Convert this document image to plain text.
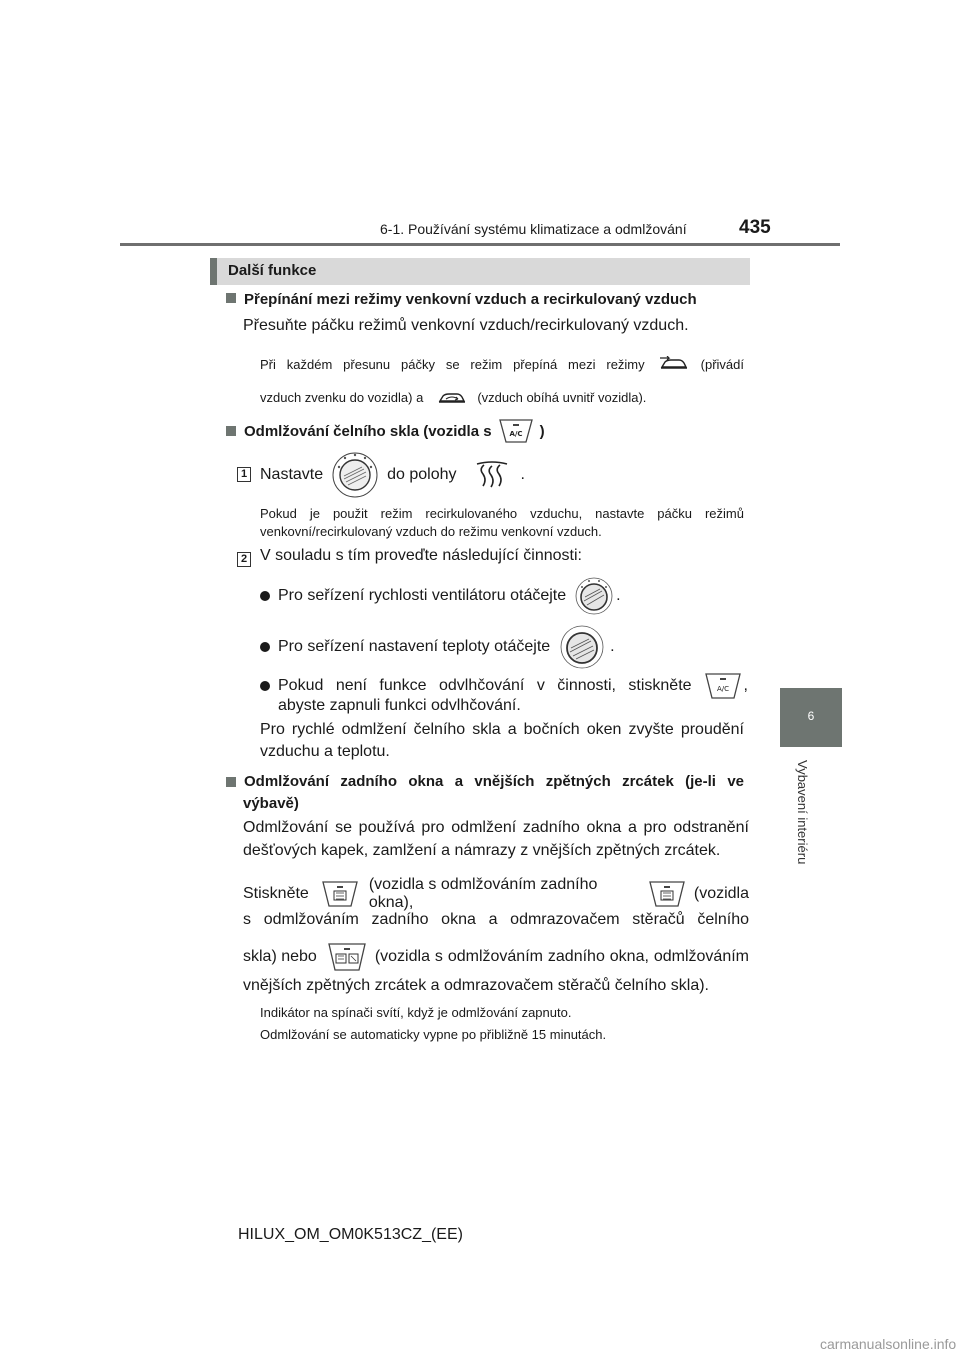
6-1. Používání systému klimatizace a odmlžování	435
6
Vybavení interiéru
Další funkce
Přepínání mezi režimy venkovní vzduch a recirkulovaný vzduch
Přesuňte páčku režimů venkovní vzduch/recirkulovaný vzduch.
Při každém přesunu páčky se režim přepíná mezi režimy	(přivádí
vzduch zvenku do vozidla) a	(vzduch obíhá uvnitř vozidla).
Odmlžování čelního skla (vozidla s A/C )
1 Nastavte	do polohy	.
Pokud je použit režim recirkulovaného vzduchu, nastavte páčku režimů
venkovní/recirkulovaný vzduch do režimu venkovní vzduch.
2 V souladu s tím proveďte následující činnosti:
Pro seřízení rychlosti ventilátoru otáčejte	.
Pro seřízení nastavení teploty otáčejte	.
Pokud není funkce odvlhčování v činnosti, stiskněte	A/C ,
abyste zapnuli funkci odvlhčování.
Pro rychlé odmlžení čelního skla a bočních oken zvyšte proudění
vzduchu a teplotu.
Odmlžování zadního okna a vnějších zpětných zrcátek (je-li ve
výbavě)
Odmlžování se používá pro odmlžení zadního okna a pro odstranění
dešťových kapek, zamlžení a námrazy z vnějších zpětných zrcátek.
Stiskněte
(vozidla s odmlžováním zadního okna),
(vozidla
s odmlžováním zadního okna a odmrazovačem stěračů čelního
skla) nebo	(vozidla s odmlžováním zadního okna, odmlžováním
vnějších zpětných zrcátek a odmrazovačem stěračů čelního skla).
Indikátor na spínači svítí, když je odmlžování zapnuto.
Odmlžování se automaticky vypne po přibližně 15 minutách.
HILUX_OM_OM0K513CZ_(EE)
carmanualsonline.info
